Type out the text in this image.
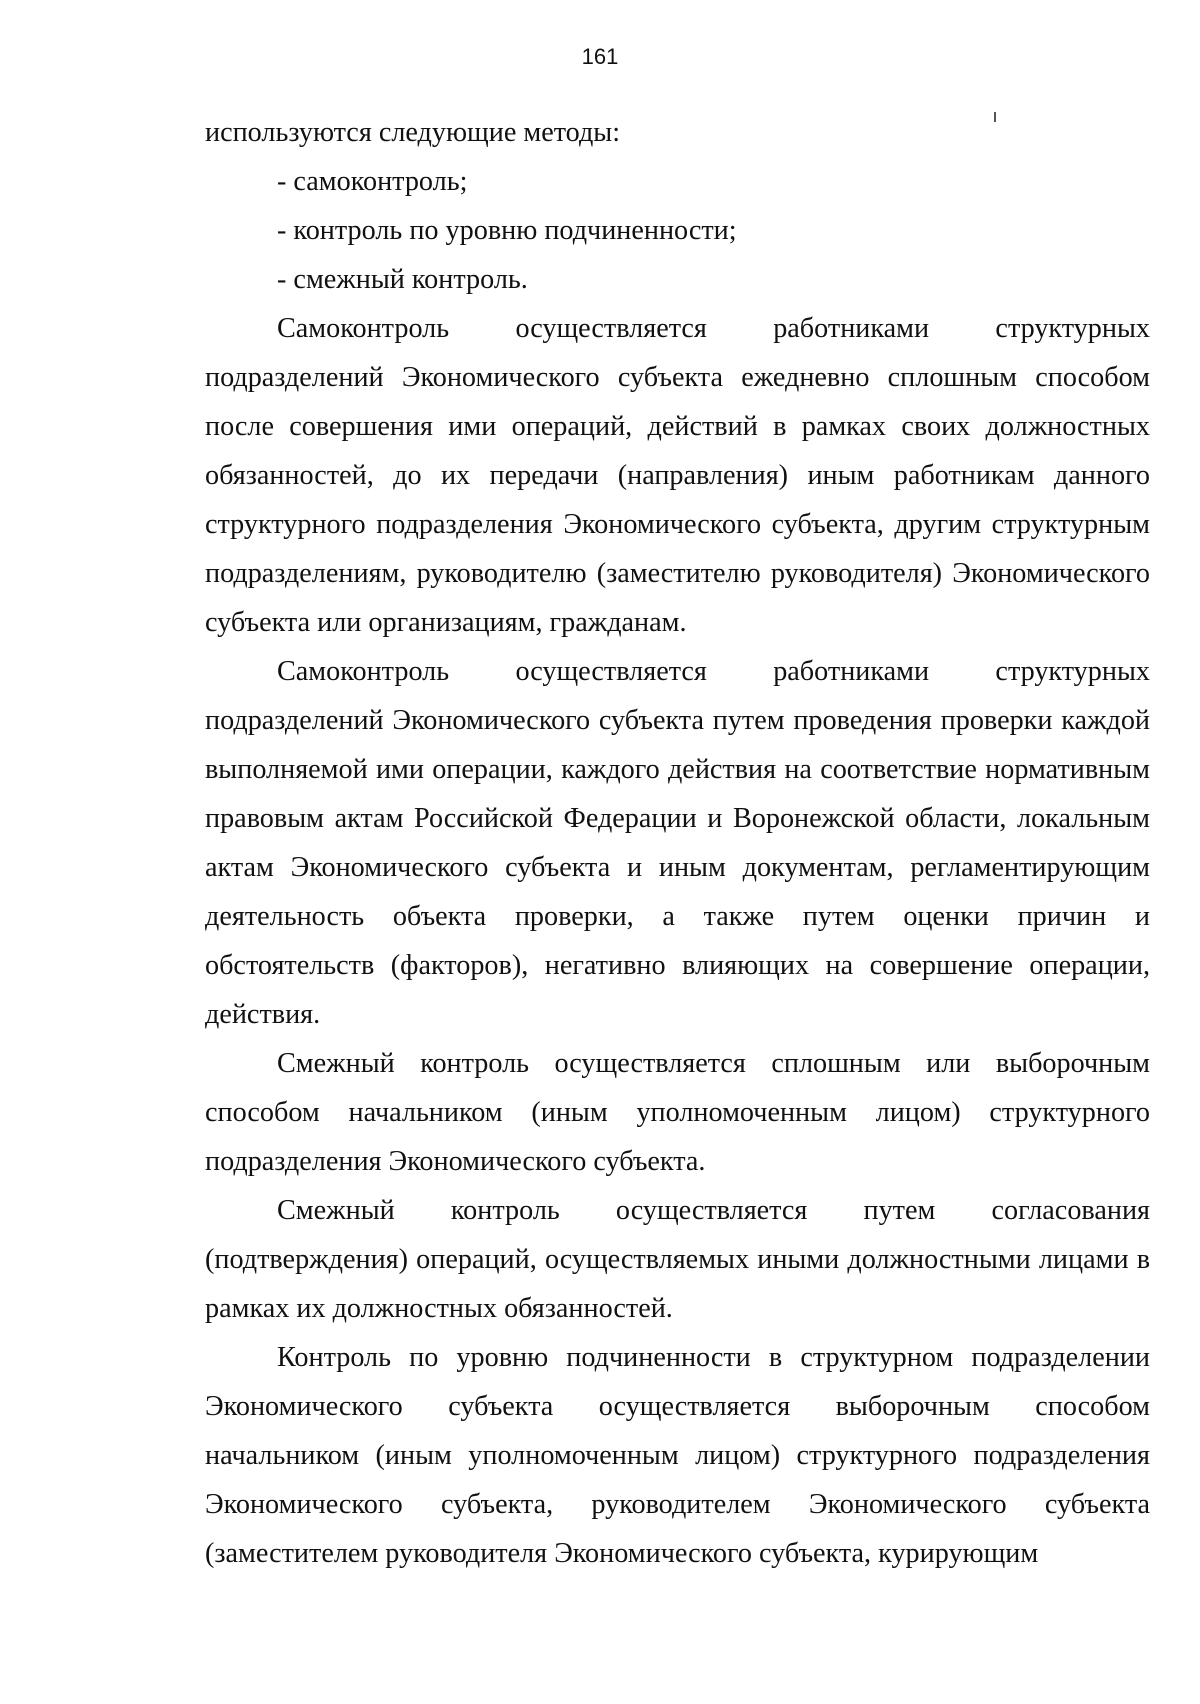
161

используются следующие методы:

- самоконтроль;

- контроль по уровню подчиненности;

- смежный контроль.

Самоконтроль осуществляется работниками структурных подразделений Экономического субъекта ежедневно сплошным способом после совершения ими операций, действий в рамках своих должностных обязанностей, до их передачи (направления) иным работникам данного структурного подразделения Экономического субъекта, другим структурным подразделениям, руководителю (заместителю руководителя) Экономического субъекта или организациям, гражданам.

Самоконтроль осуществляется работниками структурных подразделений Экономического субъекта путем проведения проверки каждой выполняемой ими операции, каждого действия на соответствие нормативным правовым актам Российской Федерации и Воронежской области, локальным актам Экономического субъекта и иным документам, регламентирующим деятельность объекта проверки, а также путем оценки причин и обстоятельств (факторов), негативно влияющих на совершение операции, действия.

Смежный контроль осуществляется сплошным или выборочным способом начальником (иным уполномоченным лицом) структурного подразделения Экономического субъекта.

Смежный контроль осуществляется путем согласования (подтверждения) операций, осуществляемых иными должностными лицами в рамках их должностных обязанностей.

Контроль по уровню подчиненности в структурном подразделении Экономического субъекта осуществляется выборочным способом начальником (иным уполномоченным лицом) структурного подразделения Экономического субъекта, руководителем Экономического субъекта (заместителем руководителя Экономического субъекта, курирующим
